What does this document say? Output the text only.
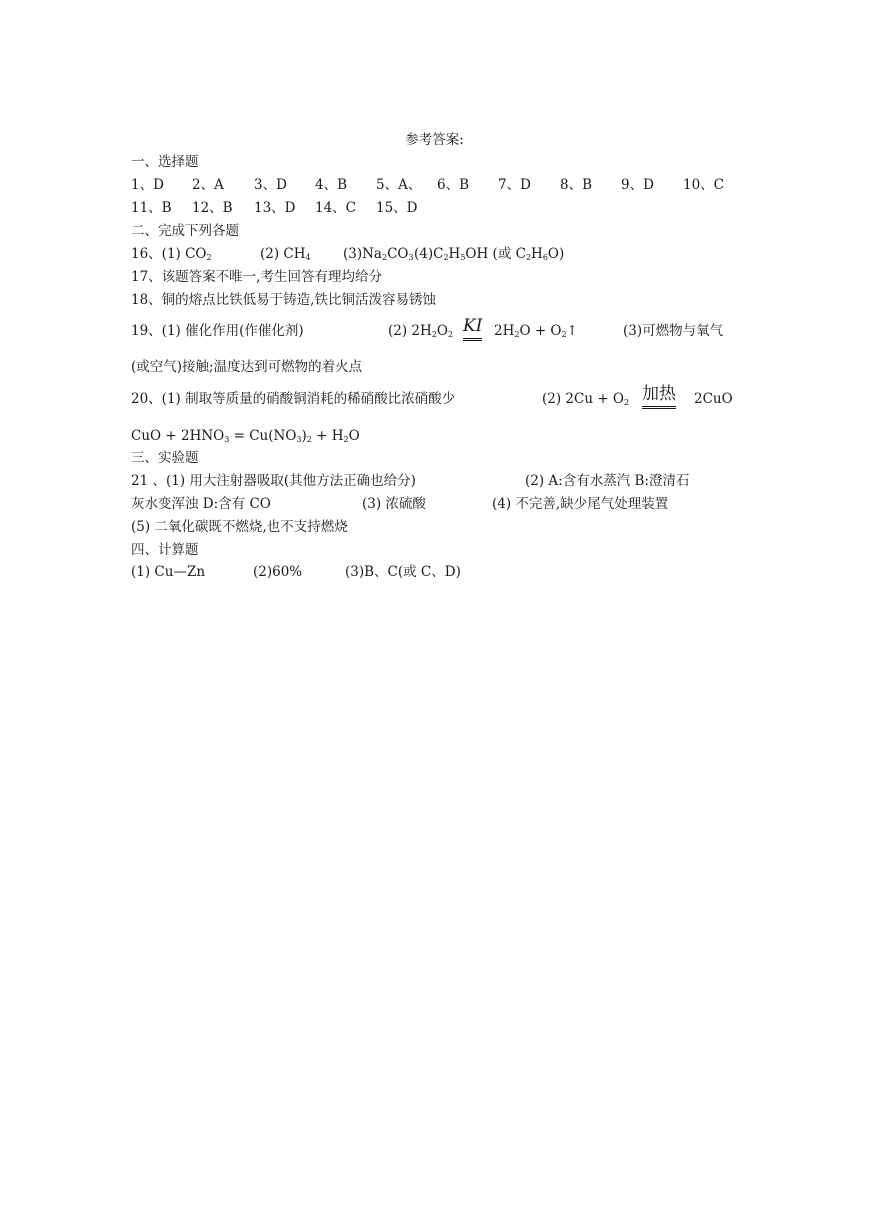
参考答案:
一、选择题
1、D 2、A 3、D 4、B 5、A、 6、B 7、D 8、B 9、D 10、C
11、B 12、B 13、D 14、C 15、D
二、完成下列各题
16、(1) $CO_2$	(2) $CH_4$ $(3)Na_2CO_3$ $(4)C_2H_5OH$ (或 $C_2H_6O$)
17、该题答案不唯一,考生回答有理均给分
18、铜的熔点比铁低易于铸造,铁比铜活泼容易锈蚀
19、(1) 催化作用(作催化剂)	(2) $2H_2O_2$ KI $2H_2O$ + $O_2↑$	(3)可燃物与氧气
(或空气)接触;温度达到可燃物的着火点
20、(1) 制取等质量的硝酸铜消耗的稀硝酸比浓硝酸少	(2) $2Cu + O_2$ 加热 2CuO
CuO + $2HNO_3 = Cu(NO_3)_2 + H_2O$
三、实验题
21 、(1) 用大注射器吸取(其他方法正确也给分)	(2) A:含有水蒸汽 B:澄清石
灰水变浑浊 D:含有 CO	(3) 浓硫酸	(4) 不完善,缺少尾气处理装置
(5) 二氧化碳既不燃烧,也不支持燃烧
四、计算题
(1) Cu—Zn	(2)60%	(3)B、C(或 C、D)
